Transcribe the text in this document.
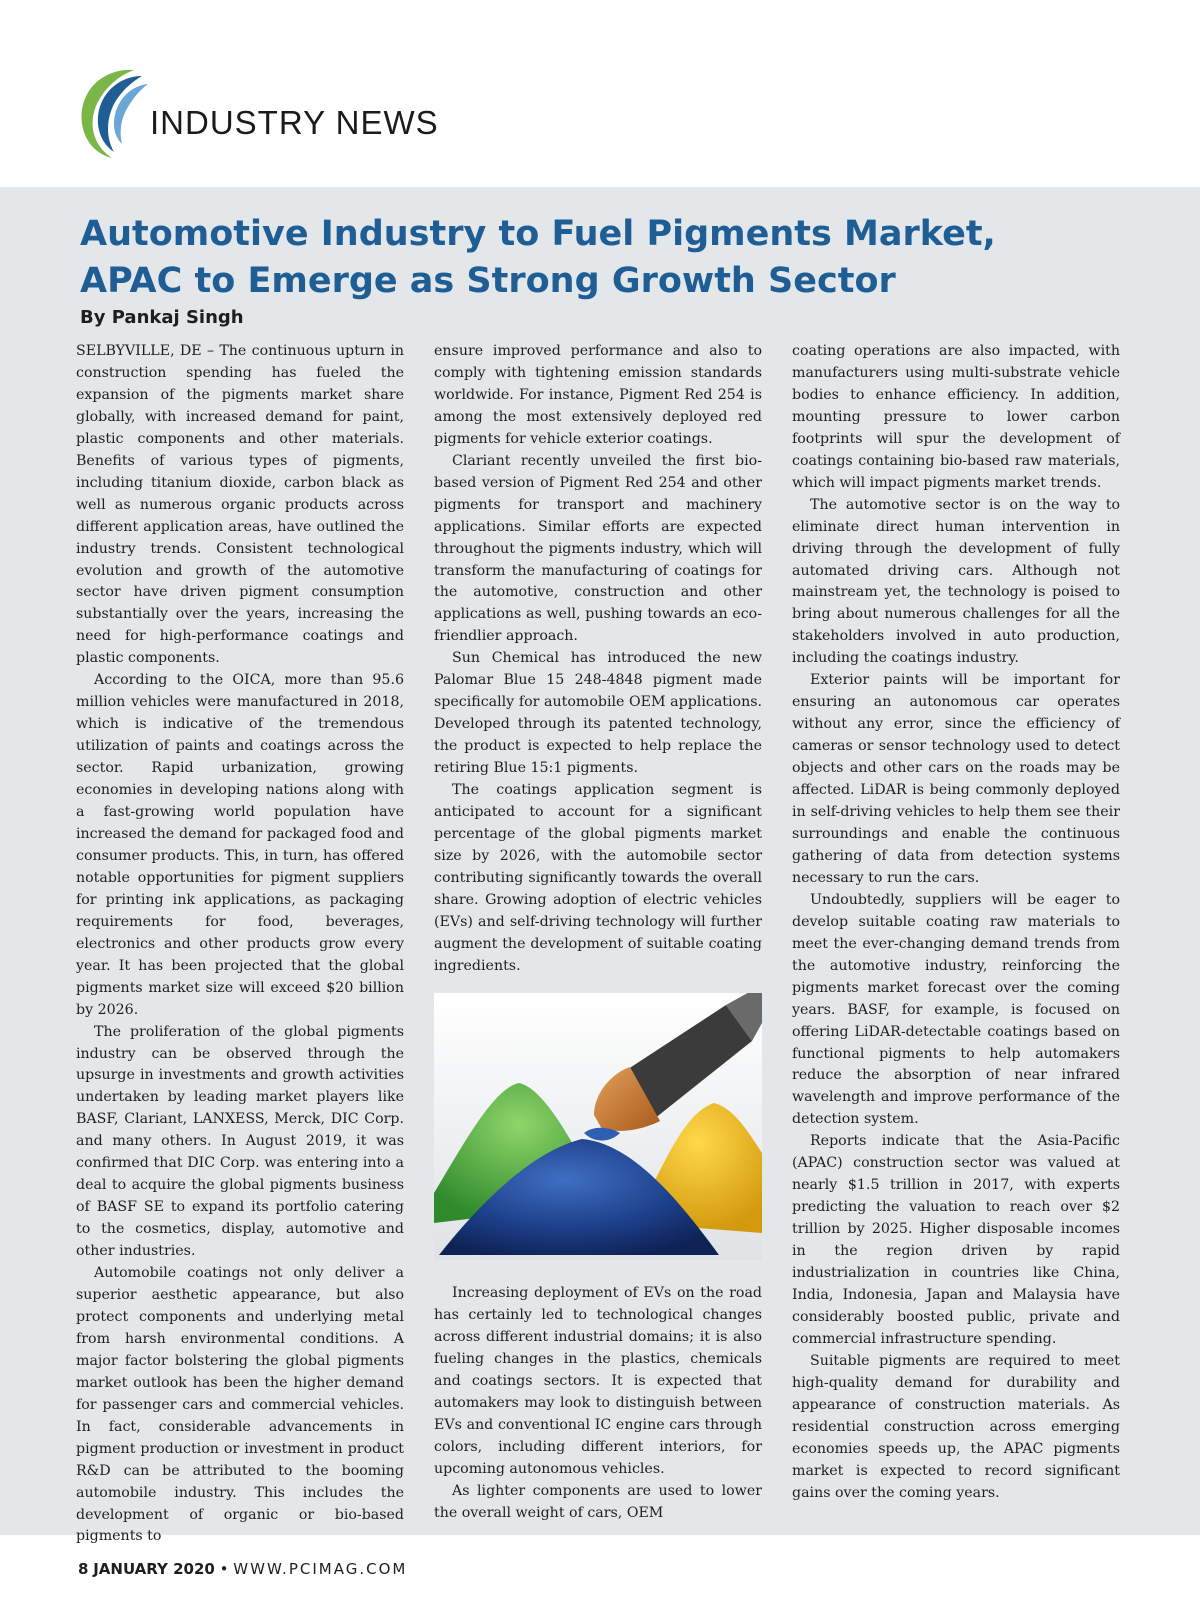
INDUSTRY NEWS
Automotive Industry to Fuel Pigments Market,
APAC to Emerge as Strong Growth Sector
By Pankaj Singh

SELBYVILLE, DE – The continuous upturn in construction spending has fueled the expansion of the pigments market share globally, with increased demand for paint, plastic components and other materials. Benefits of various types of pigments, including titanium dioxide, carbon black as well as numerous organic products across different application areas, have outlined the industry trends. Consistent technological evolution and growth of the automotive sector have driven pigment consumption substantially over the years, increasing the need for high-performance coatings and plastic components.

According to the OICA, more than 95.6 million vehicles were manufactured in 2018, which is indicative of the tremendous utilization of paints and coatings across the sector. Rapid urbanization, growing economies in developing nations along with a fast-growing world population have increased the demand for packaged food and consumer products. This, in turn, has offered notable opportunities for pigment suppliers for printing ink applications, as packaging requirements for food, beverages, electronics and other products grow every year. It has been projected that the global pigments market size will exceed $20 billion by 2026.

The proliferation of the global pigments industry can be observed through the upsurge in investments and growth activities undertaken by leading market players like BASF, Clariant, LANXESS, Merck, DIC Corp. and many others. In August 2019, it was confirmed that DIC Corp. was entering into a deal to acquire the global pigments business of BASF SE to expand its portfolio catering to the cosmetics, display, automotive and other industries.

Automobile coatings not only deliver a superior aesthetic appearance, but also protect components and underlying metal from harsh environmental conditions. A major factor bolstering the global pigments market outlook has been the higher demand for passenger cars and commercial vehicles. In fact, considerable advancements in pigment production or investment in product R&D can be attributed to the booming automobile industry. This includes the development of organic or bio-based pigments to

ensure improved performance and also to comply with tightening emission standards worldwide. For instance, Pigment Red 254 is among the most extensively deployed red pigments for vehicle exterior coatings.

Clariant recently unveiled the first bio-based version of Pigment Red 254 and other pigments for transport and machinery applications. Similar efforts are expected throughout the pigments industry, which will transform the manufacturing of coatings for the automotive, construction and other applications as well, pushing towards an eco-friendlier approach.

Sun Chemical has introduced the new Palomar Blue 15 248-4848 pigment made specifically for automobile OEM applications. Developed through its patented technology, the product is expected to help replace the retiring Blue 15:1 pigments.

The coatings application segment is anticipated to account for a significant percentage of the global pigments market size by 2026, with the automobile sector contributing significantly towards the overall share. Growing adoption of electric vehicles (EVs) and self-driving technology will further augment the development of suitable coating ingredients.

Increasing deployment of EVs on the road has certainly led to technological changes across different industrial domains; it is also fueling changes in the plastics, chemicals and coatings sectors. It is expected that automakers may look to distinguish between EVs and conventional IC engine cars through colors, including different interiors, for upcoming autonomous vehicles.

As lighter components are used to lower the overall weight of cars, OEM

coating operations are also impacted, with manufacturers using multi-substrate vehicle bodies to enhance efficiency. In addition, mounting pressure to lower carbon footprints will spur the development of coatings containing bio-based raw materials, which will impact pigments market trends.

The automotive sector is on the way to eliminate direct human intervention in driving through the development of fully automated driving cars. Although not mainstream yet, the technology is poised to bring about numerous challenges for all the stakeholders involved in auto production, including the coatings industry.

Exterior paints will be important for ensuring an autonomous car operates without any error, since the efficiency of cameras or sensor technology used to detect objects and other cars on the roads may be affected. LiDAR is being commonly deployed in self-driving vehicles to help them see their surroundings and enable the continuous gathering of data from detection systems necessary to run the cars.

Undoubtedly, suppliers will be eager to develop suitable coating raw materials to meet the ever-changing demand trends from the automotive industry, reinforcing the pigments market forecast over the coming years. BASF, for example, is focused on offering LiDAR-detectable coatings based on functional pigments to help automakers reduce the absorption of near infrared wavelength and improve performance of the detection system.

Reports indicate that the Asia-Pacific (APAC) construction sector was valued at nearly $1.5 trillion in 2017, with experts predicting the valuation to reach over $2 trillion by 2025. Higher disposable incomes in the region driven by rapid industrialization in countries like China, India, Indonesia, Japan and Malaysia have considerably boosted public, private and commercial infrastructure spending.

Suitable pigments are required to meet high-quality demand for durability and appearance of construction materials. As residential construction across emerging economies speeds up, the APAC pigments market is expected to record significant gains over the coming years.

8 JANUARY 2020 • WWW.PCIMAG.COM
